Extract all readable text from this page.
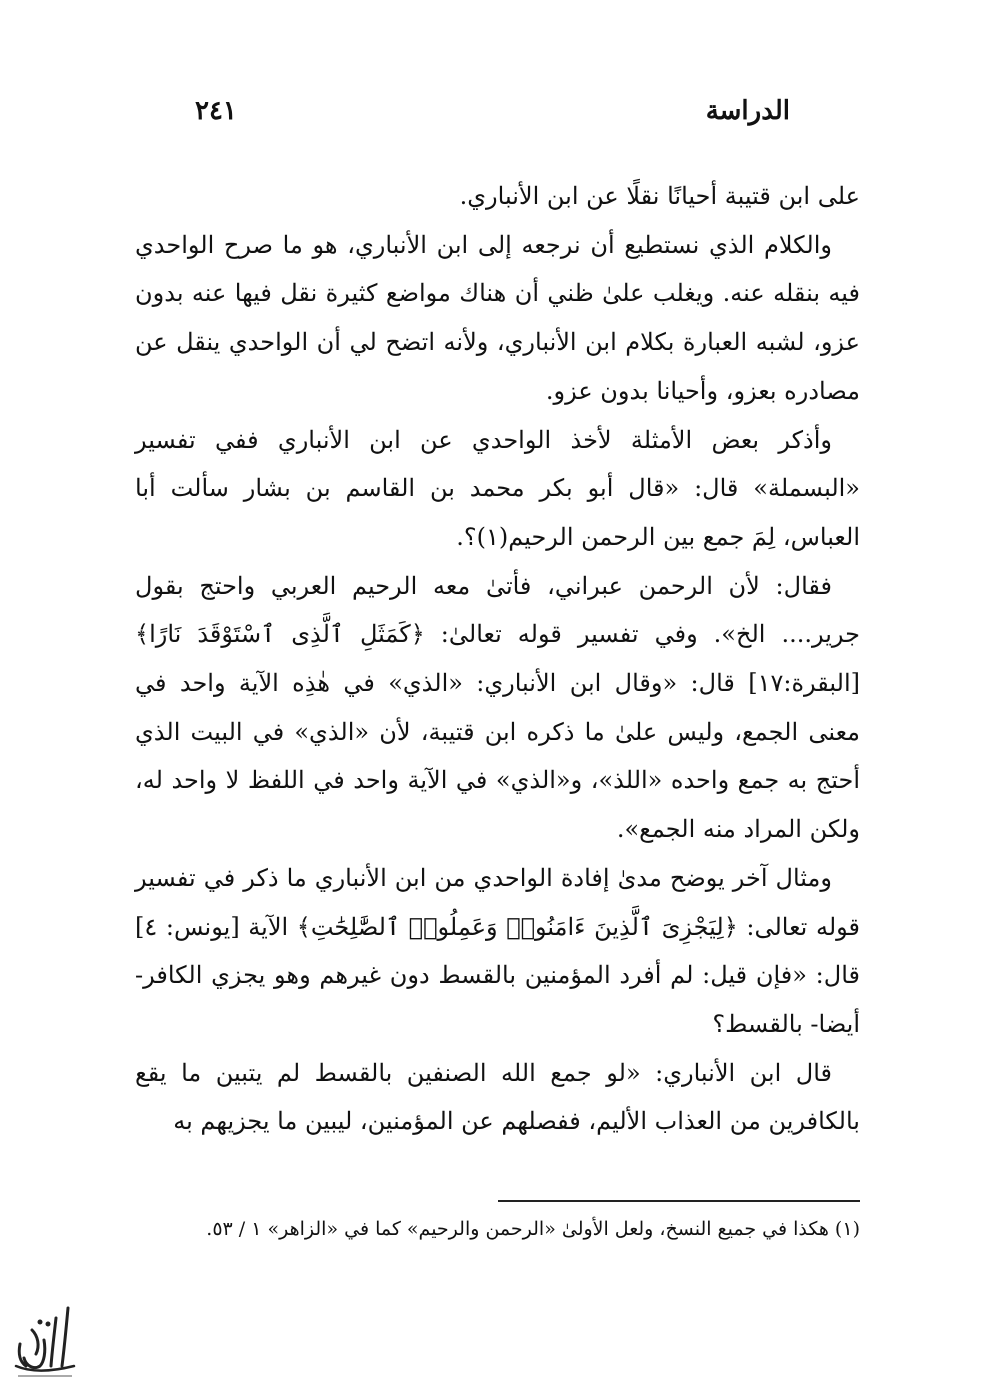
الدراسة
٢٤١

على ابن قتيبة أحيانًا نقلًا عن ابن الأنباري.

والكلام الذي نستطيع أن نرجعه إلى ابن الأنباري، هو ما صرح الواحدي فيه بنقله عنه. ويغلب علىٰ ظني أن هناك مواضع كثيرة نقل فيها عنه بدون عزو، لشبه العبارة بكلام ابن الأنباري، ولأنه اتضح لي أن الواحدي ينقل عن مصادره بعزو، وأحيانا بدون عزو.

وأذكر بعض الأمثلة لأخذ الواحدي عن ابن الأنباري ففي تفسير «البسملة» قال: «قال أبو بكر محمد بن القاسم بن بشار سألت أبا العباس، لِمَ جمع بين الرحمن الرحيم(١)؟.

فقال: لأن الرحمن عبراني، فأتىٰ معه الرحيم العربي واحتج بقول جرير.... الخ». وفي تفسير قوله تعالىٰ: ﴿كَمَثَلِ ٱلَّذِى ٱسْتَوْقَدَ نَارًا﴾ [البقرة:١٧] قال: «وقال ابن الأنباري: «الذي» في هٰذِه الآية واحد في معنى الجمع، وليس علىٰ ما ذكره ابن قتيبة، لأن «الذي» في البيت الذي أحتج به جمع واحده «اللذ»، و«الذي» في الآية واحد في اللفظ لا واحد له، ولكن المراد منه الجمع».

ومثال آخر يوضح مدىٰ إفادة الواحدي من ابن الأنباري ما ذكر في تفسير قوله تعالى: ﴿لِيَجْزِىَ ٱلَّذِينَ ءَامَنُوا۟ وَعَمِلُوا۟ ٱلصَّٰلِحَٰتِ﴾ الآية [يونس: ٤] قال: «فإن قيل: لم أفرد المؤمنين بالقسط دون غيرهم وهو يجزي الكافر- أيضا- بالقسط؟

قال ابن الأنباري: «لو جمع الله الصنفين بالقسط لم يتبين ما يقع بالكافرين من العذاب الأليم، ففصلهم عن المؤمنين، ليبين ما يجزيهم به

(١) هكذا في جميع النسخ، ولعل الأولىٰ «الرحمن والرحيم» كما في «الزاهر» ١ / ٥٣.
